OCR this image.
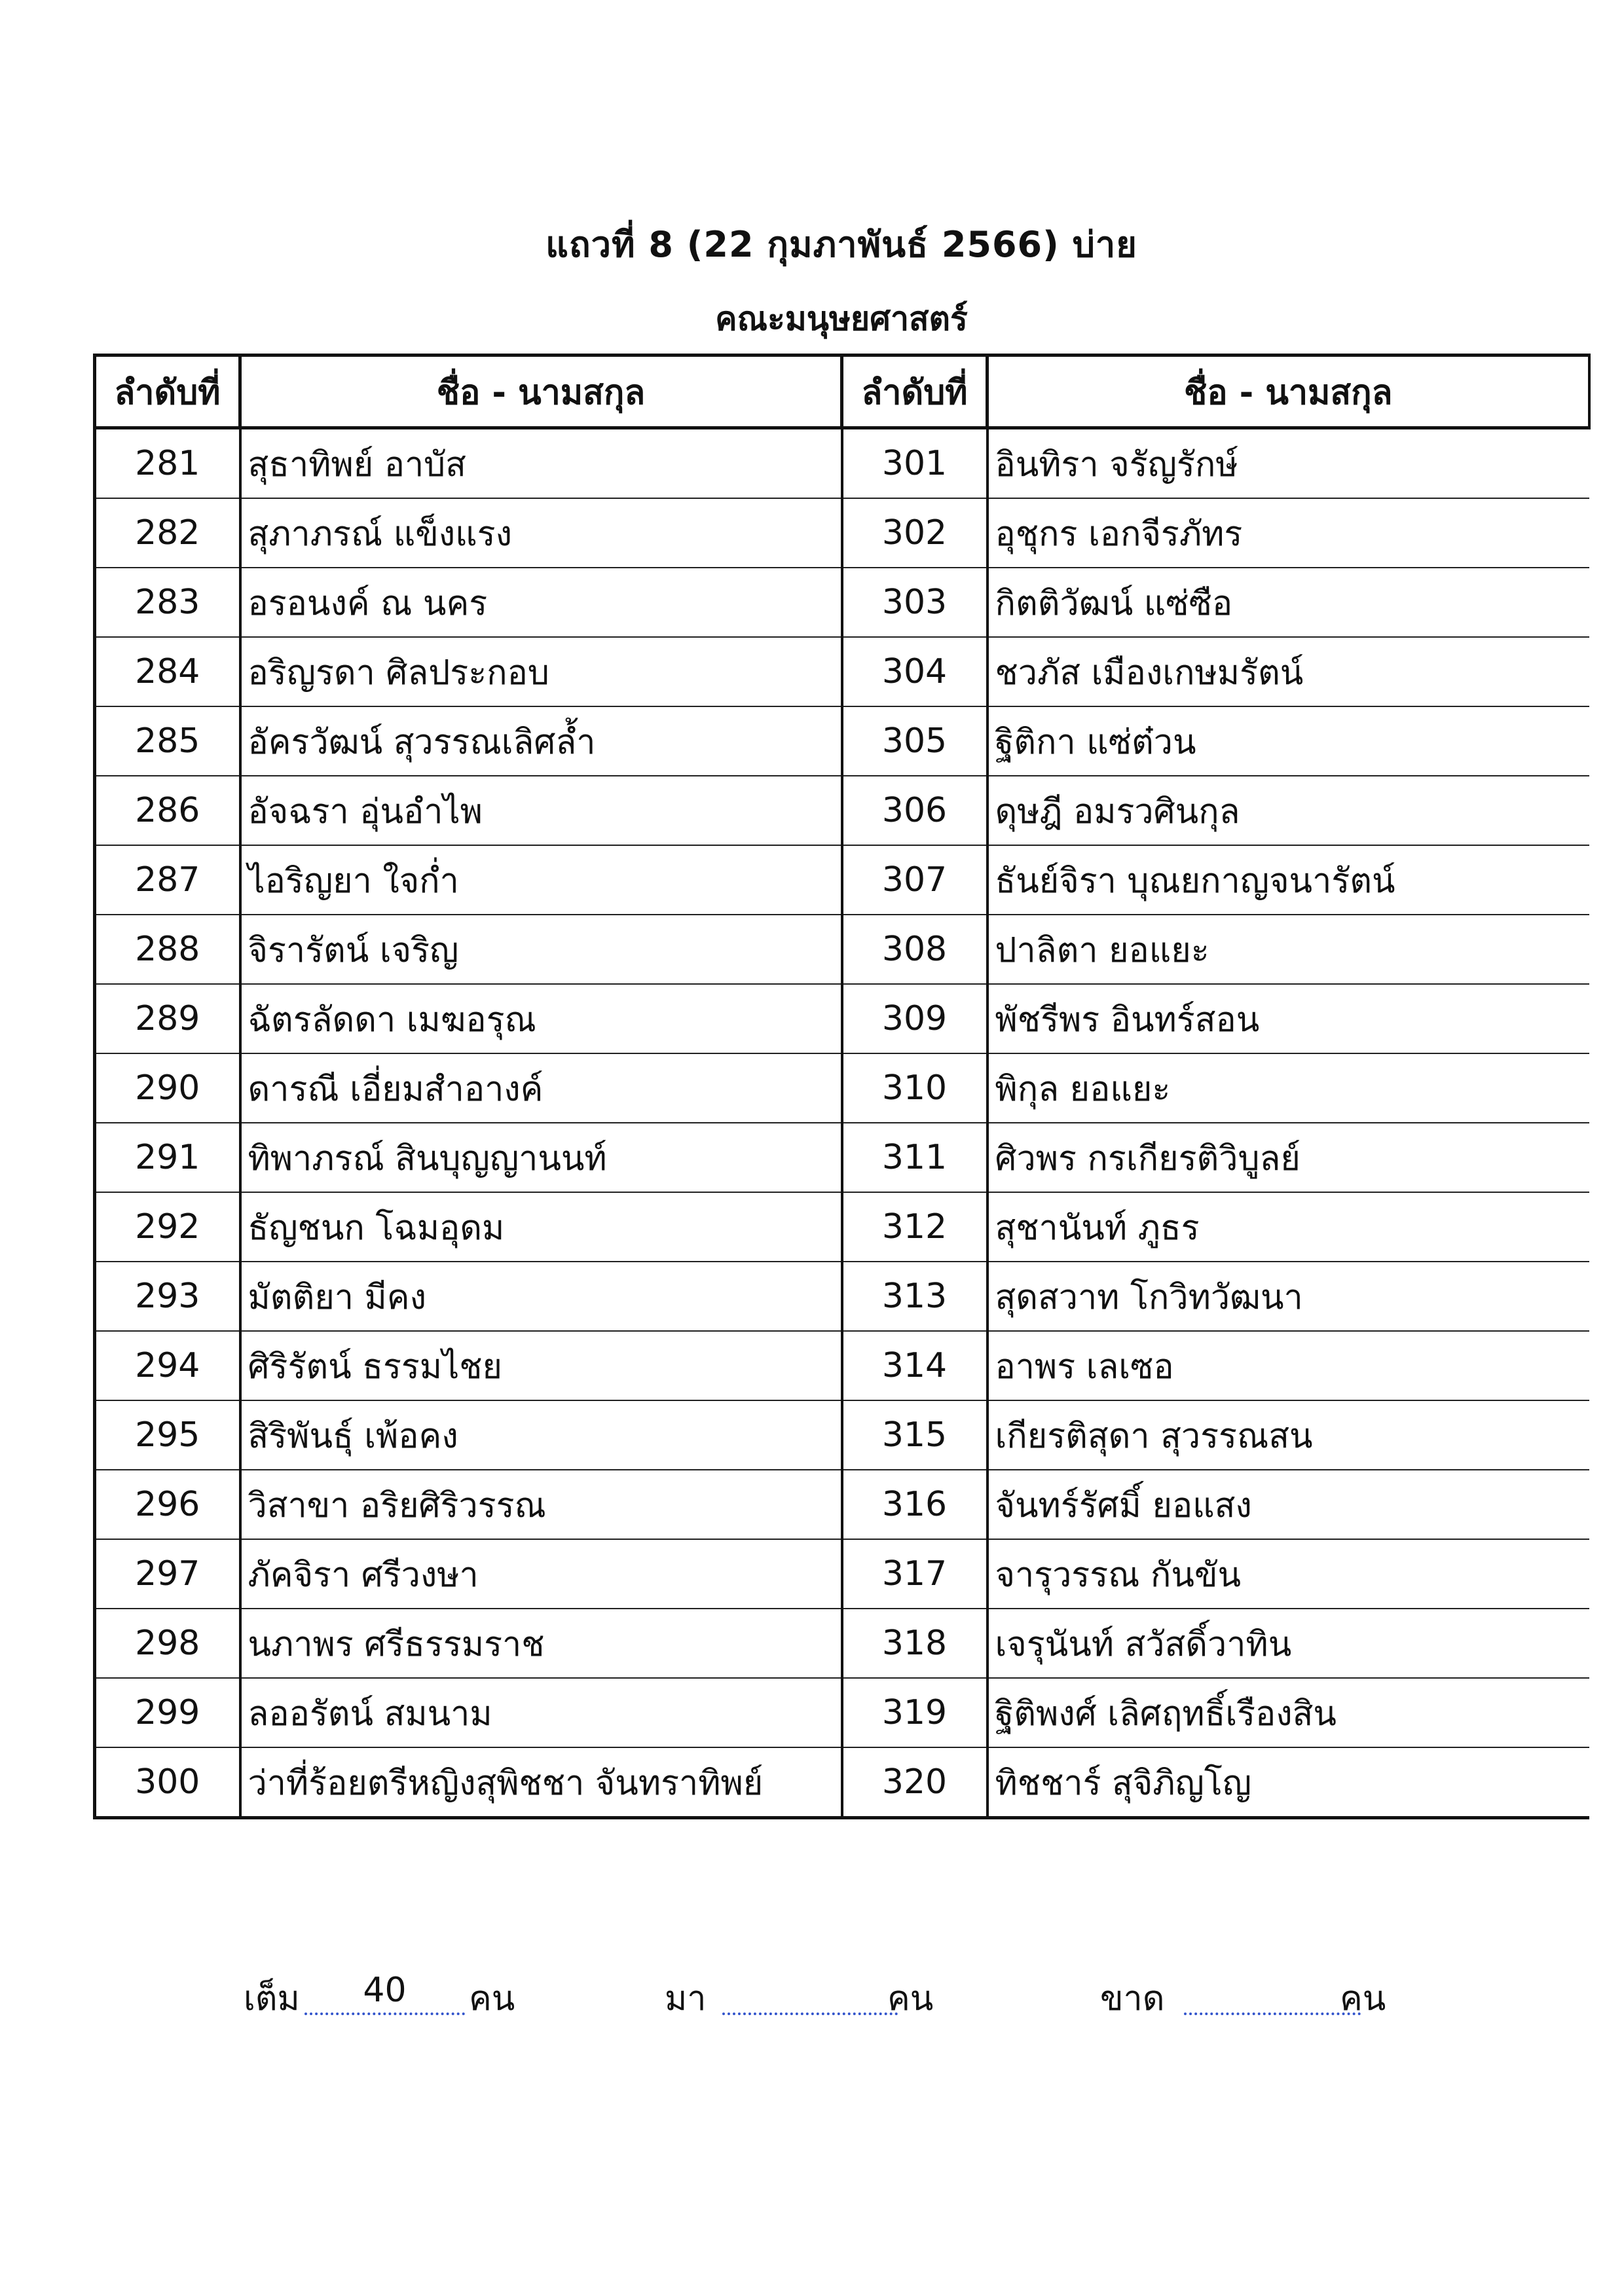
แถวที่ 8 (22 กุมภาพันธ์ 2566) บ่าย
คณะมนุษยศาสตร์
ลำดับที่	ชื่อ - นามสกุล	ลำดับที่	ชื่อ - นามสกุล
281	สุธาทิพย์ อาบัส	301	อินทิรา จรัญรักษ์
282	สุภาภรณ์ แข็งแรง	302	อุชุกร เอกจีรภัทร
283	อรอนงค์ ณ นคร	303	กิตติวัฒน์ แซ่ซือ
284	อริญรดา ศิลประกอบ	304	ชวภัส เมืองเกษมรัตน์
285	อัครวัฒน์ สุวรรณเลิศล้ำ	305	ฐิติกา แซ่ต๋วน
286	อัจฉรา อุ่นอำไพ	306	ดุษฎี อมรวศินกุล
287	ไอริญยา ใจก่ำ	307	ธันย์จิรา บุณยกาญจนารัตน์
288	จิรารัตน์ เจริญ	308	ปาลิตา ยอแยะ
289	ฉัตรลัดดา เมฆอรุณ	309	พัชรีพร อินทร์สอน
290	ดารณี เอี่ยมสำอางค์	310	พิกุล ยอแยะ
291	ทิพาภรณ์ สินบุญญานนท์	311	ศิวพร กรเกียรติวิบูลย์
292	ธัญชนก โฉมอุดม	312	สุชานันท์ ภูธร
293	มัตติยา มีคง	313	สุดสวาท โกวิทวัฒนา
294	ศิริรัตน์ ธรรมไชย	314	อาพร เลเซอ
295	สิริพันธุ์ เพ้อคง	315	เกียรติสุดา สุวรรณสน
296	วิสาขา อริยศิริวรรณ	316	จันทร์รัศมิ์ ยอแสง
297	ภัคจิรา ศรีวงษา	317	จารุวรรณ กันขัน
298	นภาพร ศรีธรรมราช	318	เจรุนันท์ สวัสดิ์วาทิน
299	ลออรัตน์ สมนาม	319	ฐิติพงศ์ เลิศฤทธิ์เรืองสิน
300	ว่าที่ร้อยตรีหญิงสุพิชชา จันทราทิพย์	320	ทิชชาร์ สุจิภิญโญ
เต็ม	40	คน	มา	คน	ขาด	คน
